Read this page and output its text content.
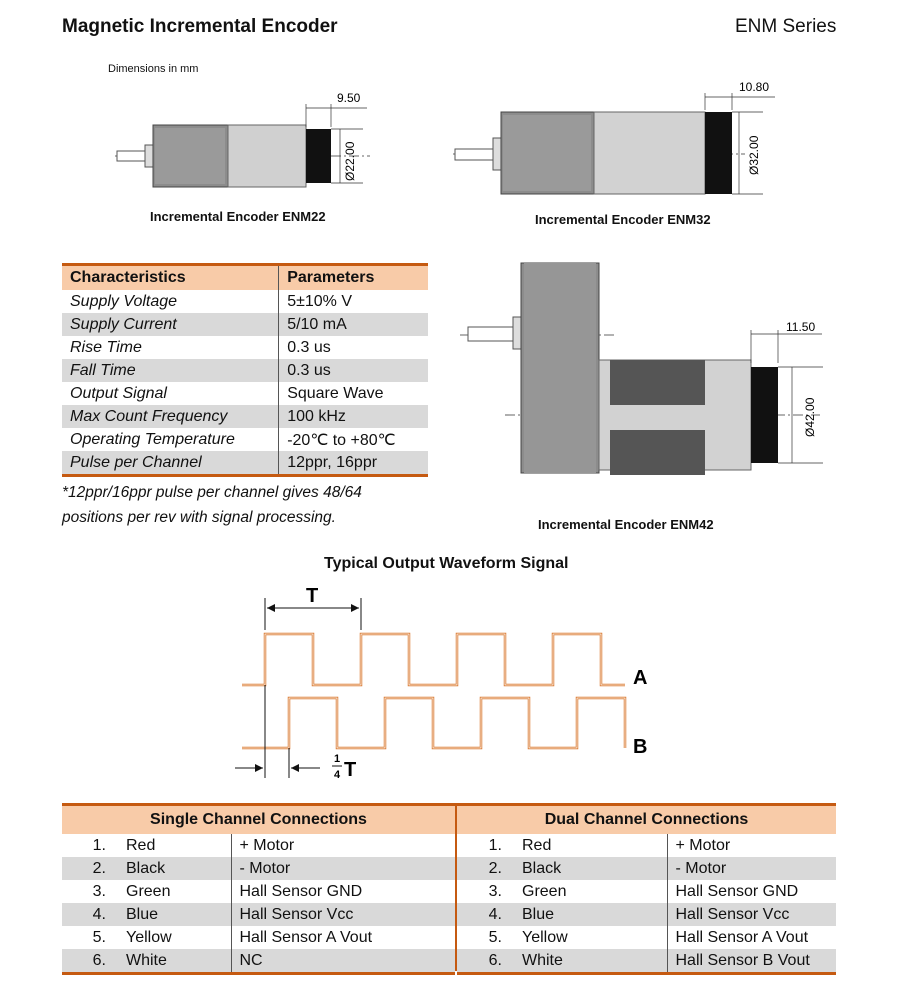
Magnetic Incremental Encoder	ENM Series
Dimensions in mm
9.50
Ø22.00
Incremental Encoder ENM22
10.80
Ø32.00
Incremental Encoder ENM32
11.50
Ø42.00
Incremental Encoder ENM42
Characteristics	Parameters
Supply Voltage	5±10% V
Supply Current	5/10 mA
Rise Time	0.3 us
Fall Time	0.3 us
Output Signal	Square Wave
Max Count Frequency	100 kHz
Operating Temperature	-20℃ to +80℃
Pulse per Channel	12ppr, 16ppr
*12ppr/16ppr pulse per channel gives 48/64
positions per rev with signal processing.
Typical Output Waveform Signal
T
A
B
1
4 T
Single Channel Connections		
1.	Red	+ Motor
2.	Black	- Motor
3.	Green	Hall Sensor GND
4.	Blue	Hall Sensor Vcc
5.	Yellow	Hall Sensor A Vout
6.	White	NC
Dual Channel Connections		
1.	Red	+ Motor
2.	Black	- Motor
3.	Green	Hall Sensor GND
4.	Blue	Hall Sensor Vcc
5.	Yellow	Hall Sensor A Vout
6.	White	Hall Sensor B Vout
